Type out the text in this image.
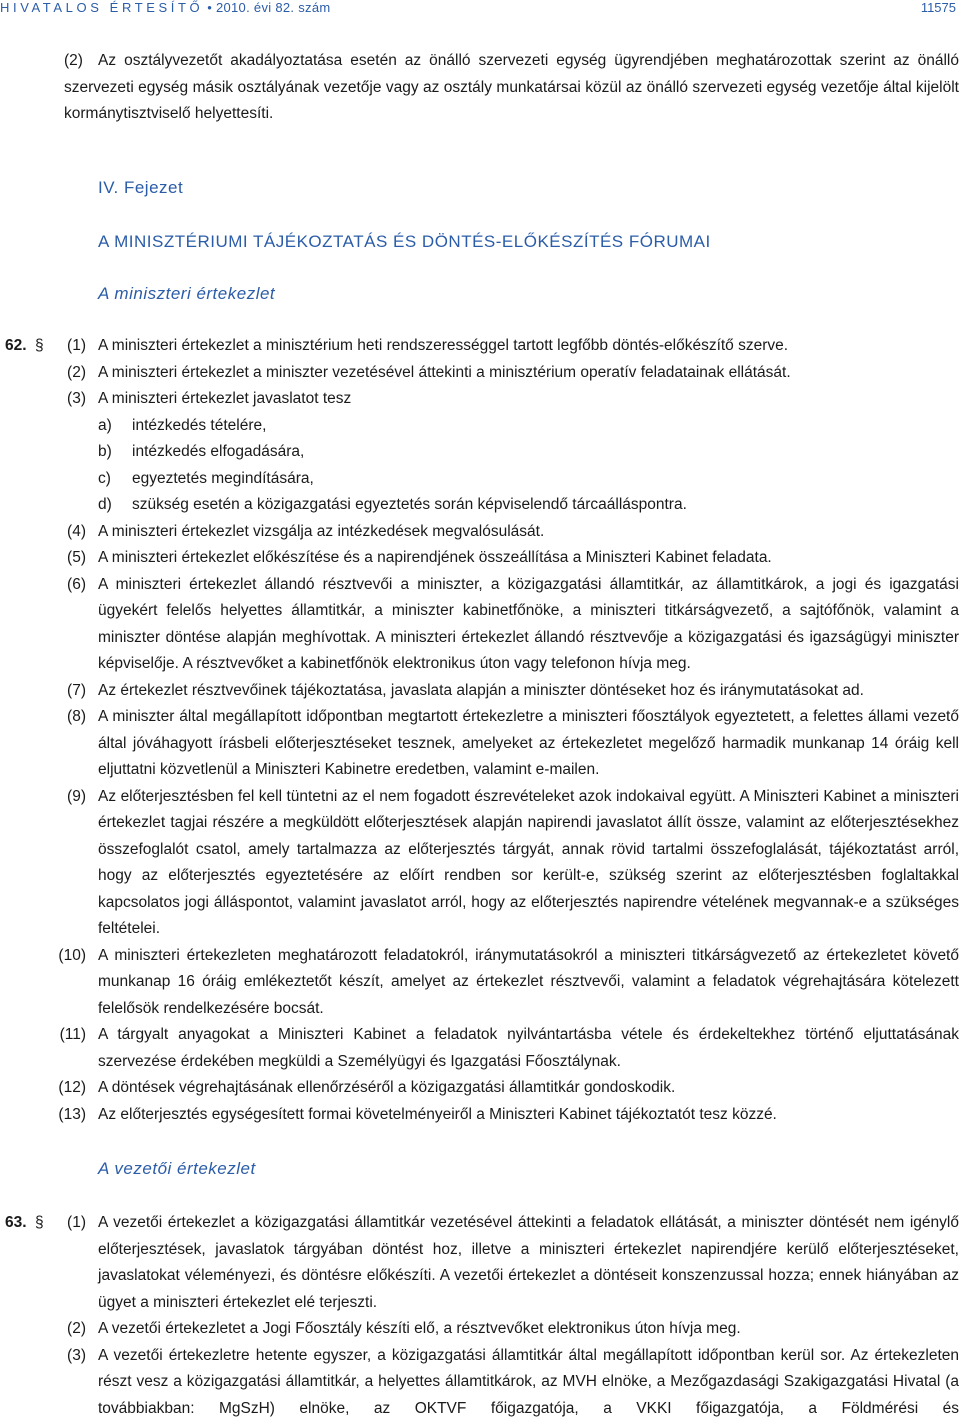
HIVATALOS ÉRTESÍTŐ • 2010. évi 82. szám	11575
(2) Az osztályvezetőt akadályoztatása esetén az önálló szervezeti egység ügyrendjében meghatározottak szerint az önálló szervezeti egység másik osztályának vezetője vagy az osztály munkatársai közül az önálló szervezeti egység vezetője által kijelölt kormánytisztviselő helyettesíti.
IV. Fejezet
A MINISZTÉRIUMI TÁJÉKOZTATÁS ÉS DÖNTÉS-ELŐKÉSZÍTÉS FÓRUMAI
A miniszteri értekezlet
62. § (1) A miniszteri értekezlet a minisztérium heti rendszerességgel tartott legfőbb döntés-előkészítő szerve.
(2) A miniszteri értekezlet a miniszter vezetésével áttekinti a minisztérium operatív feladatainak ellátását.
(3) A miniszteri értekezlet javaslatot tesz
a) intézkedés tételére,
b) intézkedés elfogadására,
c) egyeztetés megindítására,
d) szükség esetén a közigazgatási egyeztetés során képviselendő tárcaálláspontra.
(4) A miniszteri értekezlet vizsgálja az intézkedések megvalósulását.
(5) A miniszteri értekezlet előkészítése és a napirendjének összeállítása a Miniszteri Kabinet feladata.
(6) A miniszteri értekezlet állandó résztvevői a miniszter, a közigazgatási államtitkár, az államtitkárok, a jogi és igazgatási ügyekért felelős helyettes államtitkár, a miniszter kabinetfőnöke, a miniszteri titkárságvezető, a sajtófőnök, valamint a miniszter döntése alapján meghívottak. A miniszteri értekezlet állandó résztvevője a közigazgatási és igazságügyi miniszter képviselője. A résztvevőket a kabinetfőnök elektronikus úton vagy telefonon hívja meg.
(7) Az értekezlet résztvevőinek tájékoztatása, javaslata alapján a miniszter döntéseket hoz és iránymutatásokat ad.
(8) A miniszter által megállapított időpontban megtartott értekezletre a miniszteri főosztályok egyeztetett, a felettes állami vezető által jóváhagyott írásbeli előterjesztéseket tesznek, amelyeket az értekezletet megelőző harmadik munkanap 14 óráig kell eljuttatni közvetlenül a Miniszteri Kabinetre eredetben, valamint e-mailen.
(9) Az előterjesztésben fel kell tüntetni az el nem fogadott észrevételeket azok indokaival együtt. A Miniszteri Kabinet a miniszteri értekezlet tagjai részére a megküldött előterjesztések alapján napirendi javaslatot állít össze, valamint az előterjesztésekhez összefoglalót csatol, amely tartalmazza az előterjesztés tárgyát, annak rövid tartalmi összefoglalását, tájékoztatást arról, hogy az előterjesztés egyeztetésére az előírt rendben sor került-e, szükség szerint az előterjesztésben foglaltakkal kapcsolatos jogi álláspontot, valamint javaslatot arról, hogy az előterjesztés napirendre vételének megvannak-e a szükséges feltételei.
(10) A miniszteri értekezleten meghatározott feladatokról, iránymutatásokról a miniszteri titkárságvezető az értekezletet követő munkanap 16 óráig emlékeztetőt készít, amelyet az értekezlet résztvevői, valamint a feladatok végrehajtására kötelezett felelősök rendelkezésére bocsát.
(11) A tárgyalt anyagokat a Miniszteri Kabinet a feladatok nyilvántartásba vétele és érdekeltekhez történő eljuttatásának szervezése érdekében megküldi a Személyügyi és Igazgatási Főosztálynak.
(12) A döntések végrehajtásának ellenőrzéséről a közigazgatási államtitkár gondoskodik.
(13) Az előterjesztés egységesített formai követelményeiről a Miniszteri Kabinet tájékoztatót tesz közzé.
A vezetői értekezlet
63. § (1) A vezetői értekezlet a közigazgatási államtitkár vezetésével áttekinti a feladatok ellátását, a miniszter döntését nem igénylő előterjesztések, javaslatok tárgyában döntést hoz, illetve a miniszteri értekezlet napirendjére kerülő előterjesztéseket, javaslatokat véleményezi, és döntésre előkészíti. A vezetői értekezlet a döntéseit konszenzussal hozza; ennek hiányában az ügyet a miniszteri értekezlet elé terjeszti.
(2) A vezetői értekezletet a Jogi Főosztály készíti elő, a résztvevőket elektronikus úton hívja meg.
(3) A vezetői értekezletre hetente egyszer, a közigazgatási államtitkár által megállapított időpontban kerül sor. Az értekezleten részt vesz a közigazgatási államtitkár, a helyettes államtitkárok, az MVH elnöke, a Mezőgazdasági Szakigazgatási Hivatal (a továbbiakban: MgSzH) elnöke, az OKTVF főigazgatója, a VKKI főigazgatója, a Földmérési és
